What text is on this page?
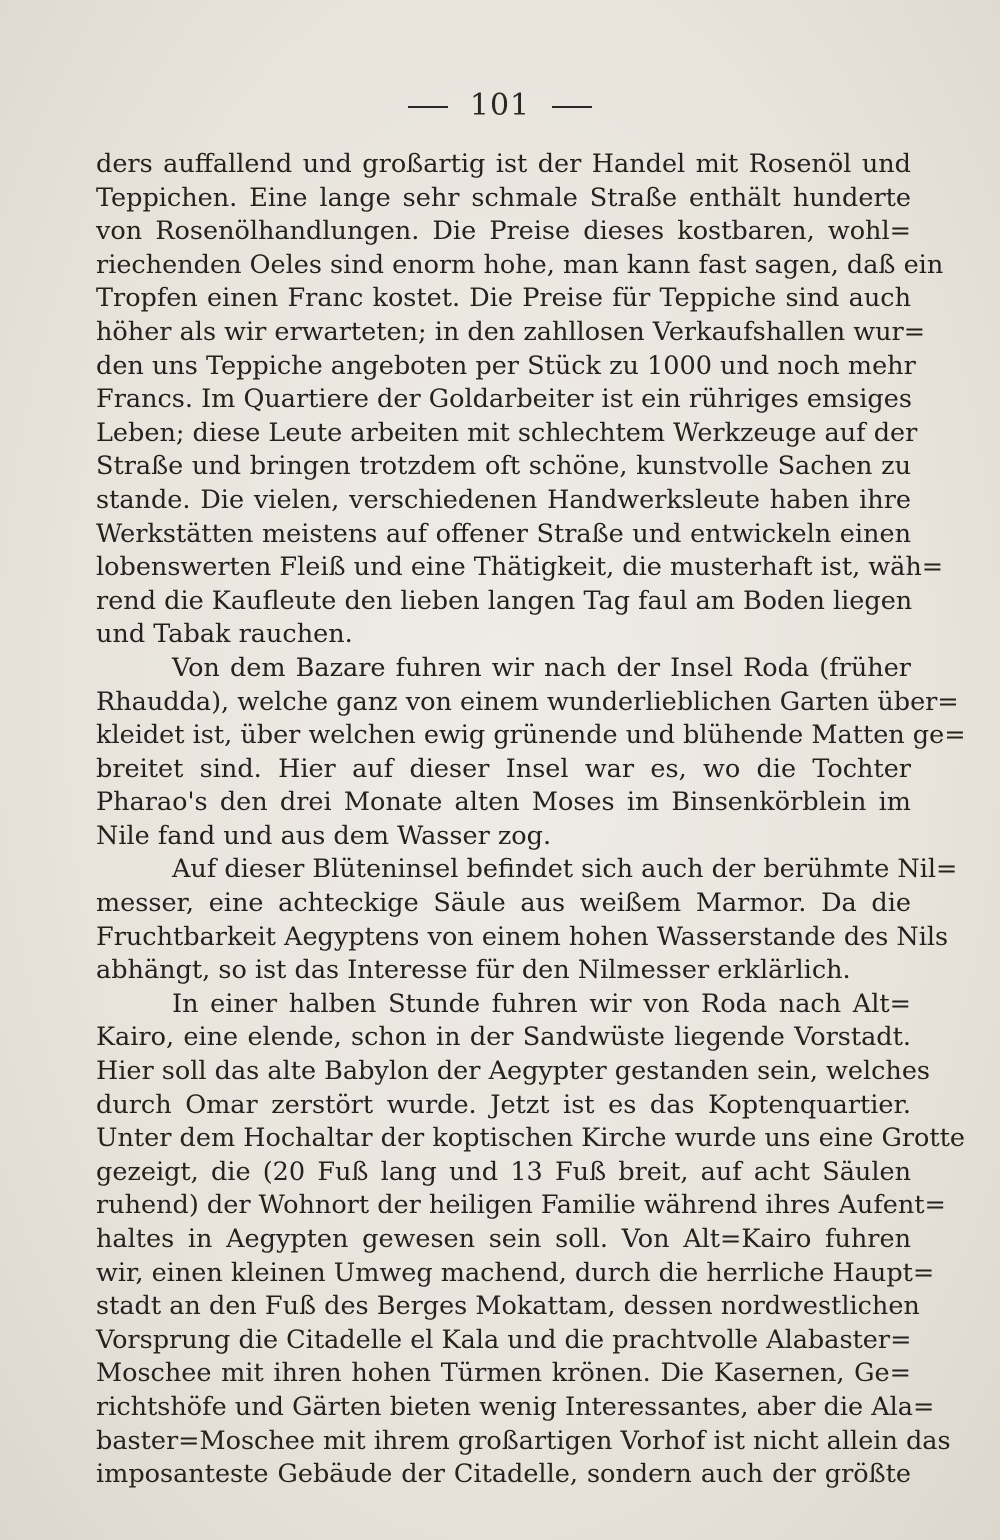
101
ders auffallend und großartig ist der Handel mit Rosenöl und
Teppichen. Eine lange sehr schmale Straße enthält hunderte
von Rosenölhandlungen. Die Preise dieses kostbaren, wohl=
riechenden Oeles sind enorm hohe, man kann fast sagen, daß ein
Tropfen einen Franc kostet. Die Preise für Teppiche sind auch
höher als wir erwarteten; in den zahllosen Verkaufshallen wur=
den uns Teppiche angeboten per Stück zu 1000 und noch mehr
Francs. Im Quartiere der Goldarbeiter ist ein rühriges emsiges
Leben; diese Leute arbeiten mit schlechtem Werkzeuge auf der
Straße und bringen trotzdem oft schöne, kunstvolle Sachen zu
stande. Die vielen, verschiedenen Handwerksleute haben ihre
Werkstätten meistens auf offener Straße und entwickeln einen
lobenswerten Fleiß und eine Thätigkeit, die musterhaft ist, wäh=
rend die Kaufleute den lieben langen Tag faul am Boden liegen
und Tabak rauchen.
Von dem Bazare fuhren wir nach der Insel Roda (früher
Rhaudda), welche ganz von einem wunderlieblichen Garten über=
kleidet ist, über welchen ewig grünende und blühende Matten ge=
breitet sind. Hier auf dieser Insel war es, wo die Tochter
Pharao's den drei Monate alten Moses im Binsenkörblein im
Nile fand und aus dem Wasser zog.
Auf dieser Blüteninsel befindet sich auch der berühmte Nil=
messer, eine achteckige Säule aus weißem Marmor. Da die
Fruchtbarkeit Aegyptens von einem hohen Wasserstande des Nils
abhängt, so ist das Interesse für den Nilmesser erklärlich.
In einer halben Stunde fuhren wir von Roda nach Alt=
Kairo, eine elende, schon in der Sandwüste liegende Vorstadt.
Hier soll das alte Babylon der Aegypter gestanden sein, welches
durch Omar zerstört wurde. Jetzt ist es das Koptenquartier.
Unter dem Hochaltar der koptischen Kirche wurde uns eine Grotte
gezeigt, die (20 Fuß lang und 13 Fuß breit, auf acht Säulen
ruhend) der Wohnort der heiligen Familie während ihres Aufent=
haltes in Aegypten gewesen sein soll. Von Alt=Kairo fuhren
wir, einen kleinen Umweg machend, durch die herrliche Haupt=
stadt an den Fuß des Berges Mokattam, dessen nordwestlichen
Vorsprung die Citadelle el Kala und die prachtvolle Alabaster=
Moschee mit ihren hohen Türmen krönen. Die Kasernen, Ge=
richtshöfe und Gärten bieten wenig Interessantes, aber die Ala=
baster=Moschee mit ihrem großartigen Vorhof ist nicht allein das
imposanteste Gebäude der Citadelle, sondern auch der größte
